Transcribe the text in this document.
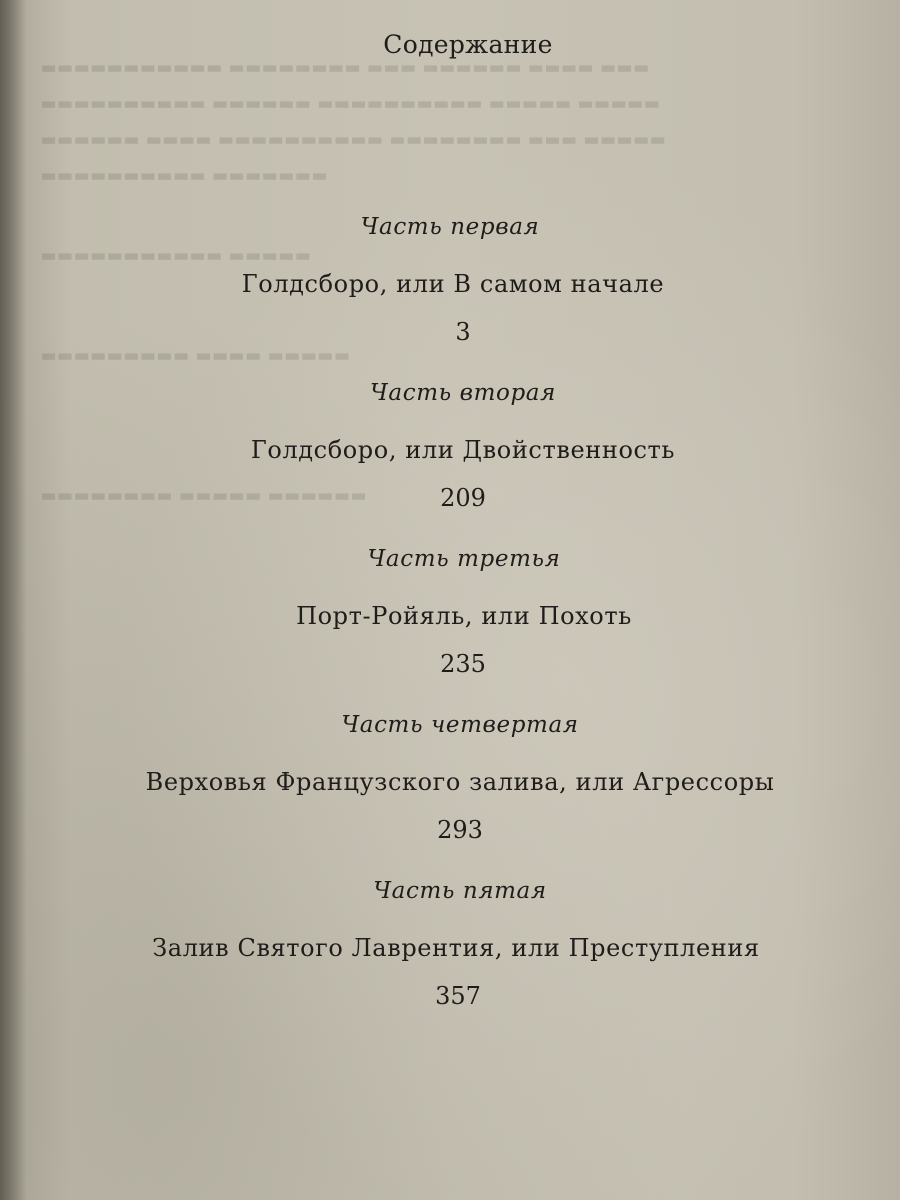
▬▬▬ ▬▬▬▬ ▬▬▬▬▬▬ ▬▬▬ ▬▬▬▬▬▬▬▬ ▬▬▬▬▬▬▬▬▬▬▬
▬▬▬▬▬ ▬▬▬▬▬ ▬▬▬▬▬▬▬▬▬▬ ▬▬▬▬▬▬ ▬▬▬▬▬▬▬▬▬▬
▬▬▬▬▬ ▬▬▬ ▬▬▬▬▬▬▬▬ ▬▬▬▬▬▬▬▬▬▬ ▬▬▬▬ ▬▬▬▬▬▬
▬▬▬▬▬▬▬ ▬▬▬▬▬▬▬▬▬▬
▬▬▬▬▬ ▬▬▬▬▬▬▬▬▬▬▬
▬▬▬▬▬ ▬▬▬▬ ▬▬▬▬▬▬▬▬▬
▬▬▬▬▬▬ ▬▬▬▬▬ ▬▬▬▬▬▬▬▬
Содержание
Часть первая
Голдсборо, или В самом начале
3
Часть вторая
Голдсборо, или Двойственность
209
Часть третья
Порт-Ройяль, или Похоть
235
Часть четвертая
Верховья Французского залива, или Агрессоры
293
Часть пятая
Залив Святого Лаврентия, или Преступления
357
